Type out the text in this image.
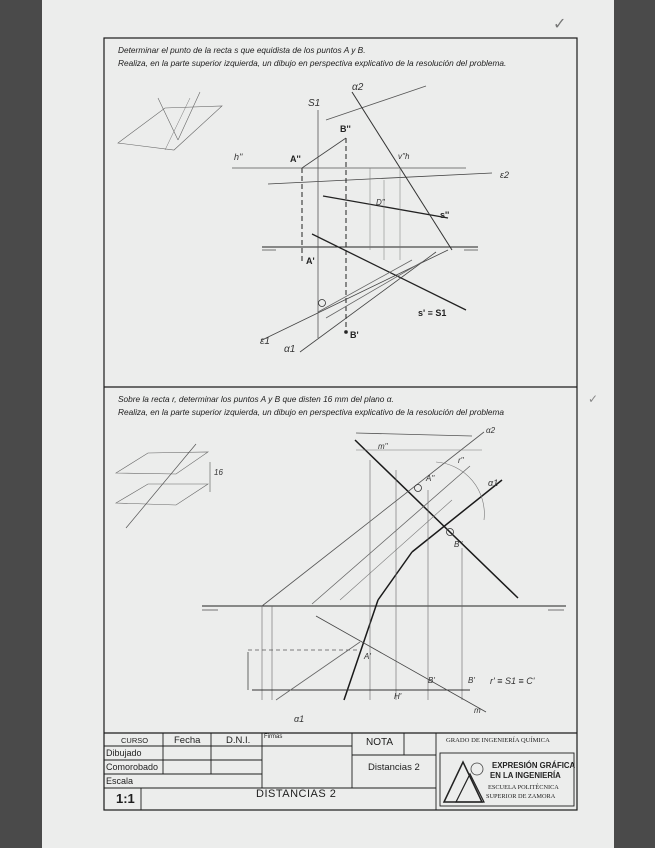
✓
✓
Determinar el punto de la recta s que equidista de los puntos A y B.
Realiza, en la parte superior izquierda, un dibujo en perspectiva explicativo de la resolución del problema.
S1
α2
B''
A''
h''	v''h
ε2
D''
s''
A'
s' ≡ S1
B'
ε1
α1
Sobre la recta r, determinar los puntos A y B que disten 16 mm del plano α.
Realiza, en la parte superior izquierda, un dibujo en perspectiva explicativo de la resolución del problema
α2
m''
r''
A''	α1
B''
16
A'
B'	B' r' ≡ S1 ≡ C'
H'
m
α1
CURSO	Fecha	D.N.I. Firmas
Dibujado
Comorobado
Escala
1:1
NOTA
Distancias 2
DISTANCIAS 2
GRADO DE INGENIERÍA QUÍMICA
EXPRESIÓN GRÁFICA
EN LA INGENIERÍA
ESCUELA POLITÉCNICA
SUPERIOR DE ZAMORA
